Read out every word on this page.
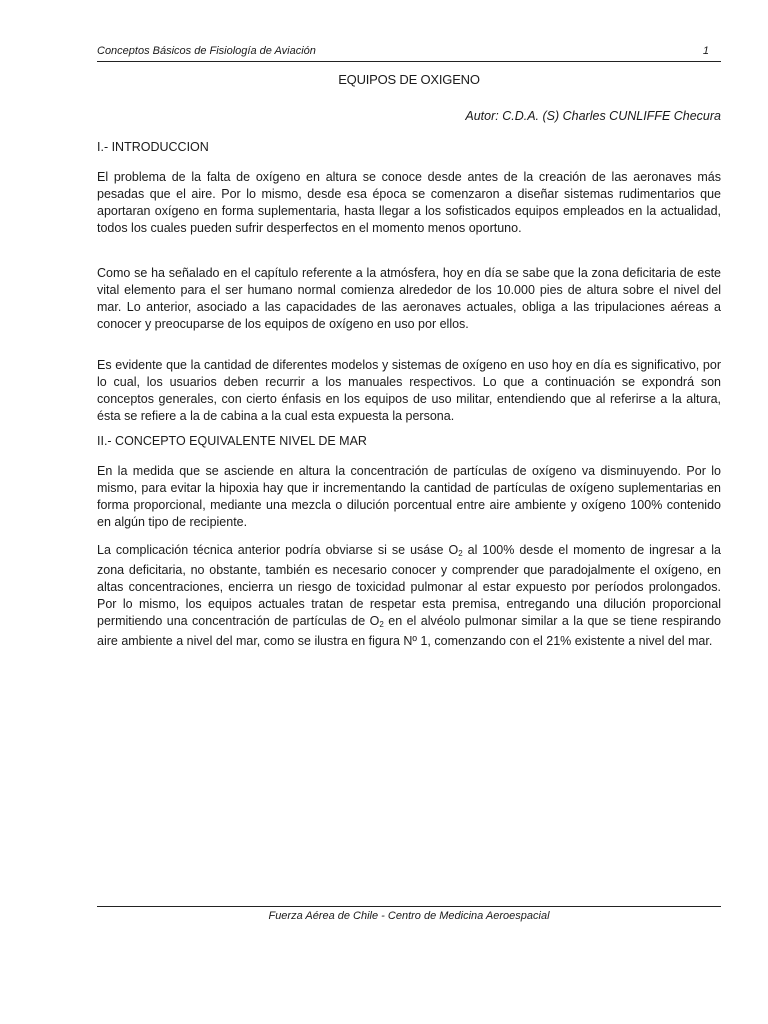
Conceptos Básicos de Fisiología de Aviación	1
EQUIPOS DE OXIGENO
Autor: C.D.A. (S) Charles CUNLIFFE Checura
I.- INTRODUCCION

El problema de la falta de oxígeno en altura se conoce desde antes de la creación de las aeronaves más pesadas que el aire. Por lo mismo, desde esa época se comenzaron a diseñar sistemas rudimentarios que aportaran oxígeno en forma suplementaria, hasta llegar a los sofisticados equipos empleados en la actualidad, todos los cuales pueden sufrir desperfectos en el momento menos oportuno.

Como se ha señalado en el capítulo referente a la atmósfera, hoy en día se sabe que la zona deficitaria de este vital elemento para el ser humano normal comienza alrededor de los 10.000 pies de altura sobre el nivel del mar. Lo anterior, asociado a las capacidades de las aeronaves actuales, obliga a las tripulaciones aéreas a conocer y preocuparse de los equipos de oxígeno en uso por ellos.

Es evidente que la cantidad de diferentes modelos y sistemas de oxígeno en uso hoy en día es significativo, por lo cual, los usuarios deben recurrir a los manuales respectivos. Lo que a continuación se expondrá son conceptos generales, con cierto énfasis en los equipos de uso militar, entendiendo que al referirse a la altura, ésta se refiere a la de cabina a la cual esta expuesta la persona.

II.- CONCEPTO EQUIVALENTE NIVEL DE MAR

En la medida que se asciende en altura la concentración de partículas de oxígeno va disminuyendo. Por lo mismo, para evitar la hipoxia hay que ir incrementando la cantidad de partículas de oxígeno suplementarias en forma proporcional, mediante una mezcla o dilución porcentual entre aire ambiente y oxígeno 100% contenido en algún tipo de recipiente.

La complicación técnica anterior podría obviarse si se usáse $O_2$ al 100% desde el momento de ingresar a la zona deficitaria, no obstante, también es necesario conocer y comprender que paradojalmente el oxígeno, en altas concentraciones, encierra un riesgo de toxicidad pulmonar al estar expuesto por períodos prolongados. Por lo mismo, los equipos actuales tratan de respetar esta premisa, entregando una dilución proporcional permitiendo una concentración de partículas de $O_2$ en el alvéolo pulmonar similar a la que se tiene respirando aire ambiente a nivel del mar, como se ilustra en figura Nº 1, comenzando con el 21% existente a nivel del mar.

Fuerza Aérea de Chile - Centro de Medicina Aeroespacial
